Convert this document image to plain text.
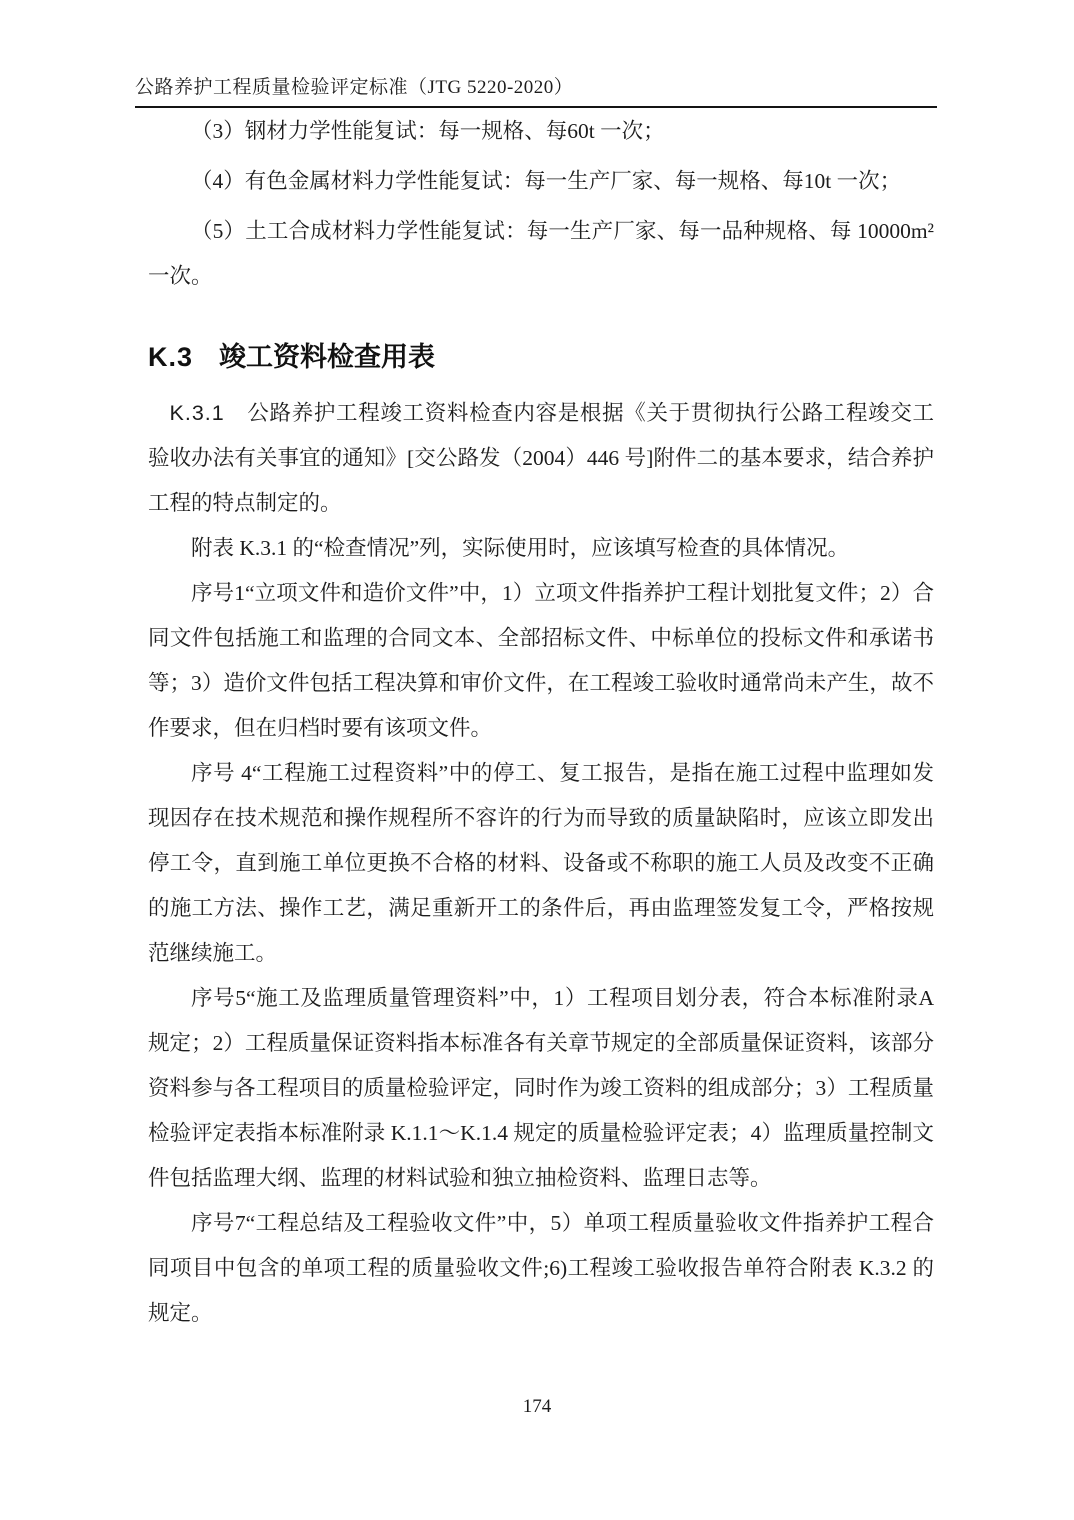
公路养护工程质量检验评定标准（JTG 5220-2020）

（3）钢材力学性能复试：每一规格、每60t 一次；

（4）有色金属材料力学性能复试：每一生产厂家、每一规格、每10t 一次；

（5）土工合成材料力学性能复试：每一生产厂家、每一品种规格、每 10000m² 一次。

K.3 竣工资料检查用表

K.3.1 公路养护工程竣工资料检查内容是根据《关于贯彻执行公路工程竣交工验收办法有关事宜的通知》[交公路发（2004）446 号]附件二的基本要求，结合养护工程的特点制定的。

附表 K.3.1 的“检查情况”列，实际使用时，应该填写检查的具体情况。

序号1“立项文件和造价文件”中，1）立项文件指养护工程计划批复文件；2）合同文件包括施工和监理的合同文本、全部招标文件、中标单位的投标文件和承诺书等；3）造价文件包括工程决算和审价文件，在工程竣工验收时通常尚未产生，故不作要求，但在归档时要有该项文件。

序号 4“工程施工过程资料”中的停工、复工报告，是指在施工过程中监理如发现因存在技术规范和操作规程所不容许的行为而导致的质量缺陷时，应该立即发出停工令，直到施工单位更换不合格的材料、设备或不称职的施工人员及改变不正确的施工方法、操作工艺，满足重新开工的条件后，再由监理签发复工令，严格按规范继续施工。

序号5“施工及监理质量管理资料”中，1）工程项目划分表，符合本标准附录A规定；2）工程质量保证资料指本标准各有关章节规定的全部质量保证资料，该部分资料参与各工程项目的质量检验评定，同时作为竣工资料的组成部分；3）工程质量检验评定表指本标准附录 K.1.1～K.1.4 规定的质量检验评定表；4）监理质量控制文件包括监理大纲、监理的材料试验和独立抽检资料、监理日志等。

序号7“工程总结及工程验收文件”中，5）单项工程质量验收文件指养护工程合同项目中包含的单项工程的质量验收文件;6)工程竣工验收报告单符合附表 K.3.2 的规定。

174
